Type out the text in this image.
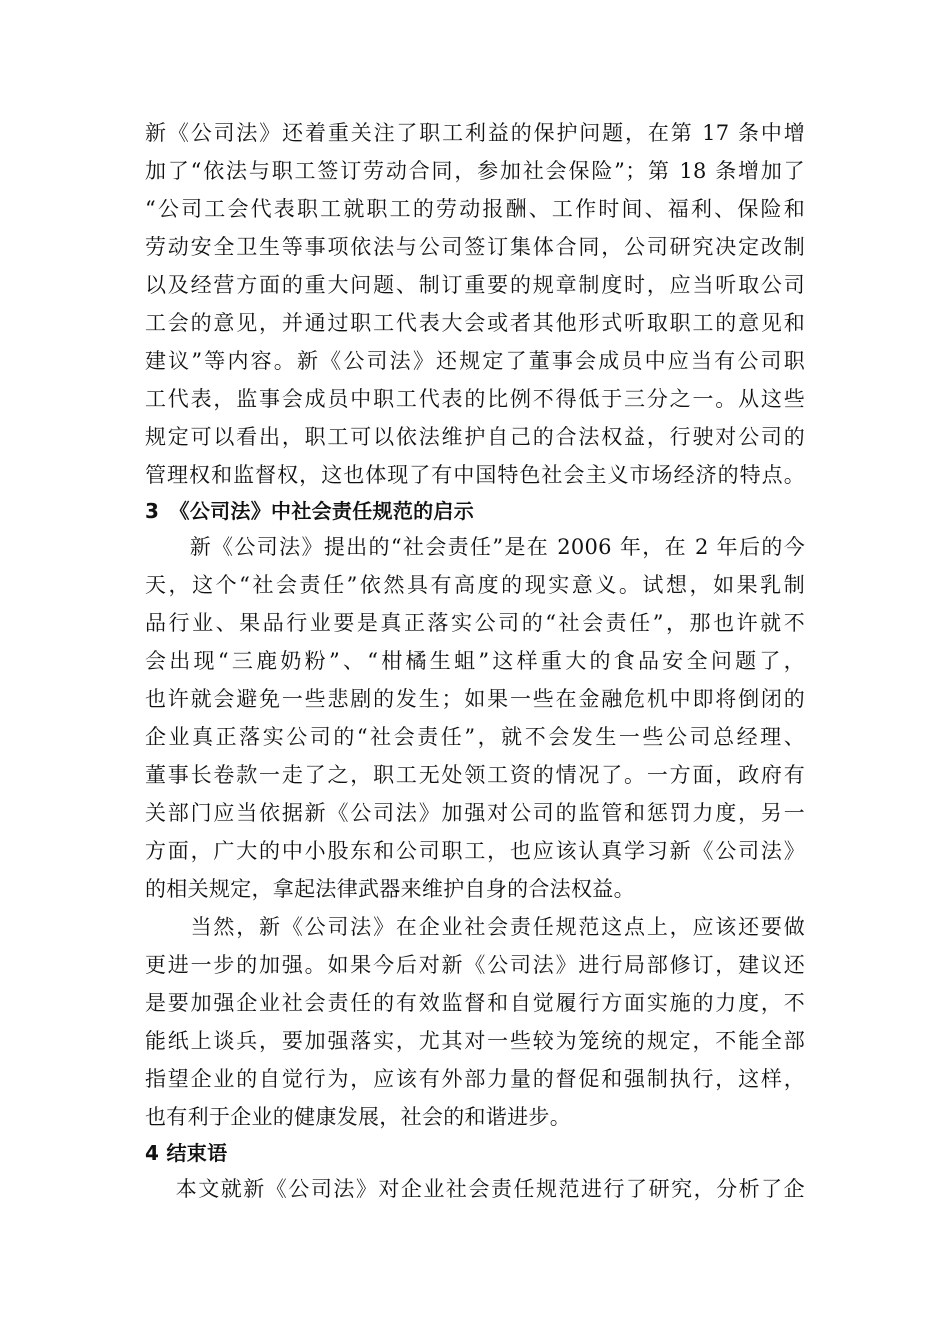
新《公司法》还着重关注了职工利益的保护问题，在第 17 条中增
加了“依法与职工签订劳动合同，参加社会保险”；第 18 条增加了
“公司工会代表职工就职工的劳动报酬、工作时间、福利、保险和
劳动安全卫生等事项依法与公司签订集体合同，公司研究决定改制
以及经营方面的重大问题、制订重要的规章制度时，应当听取公司
工会的意见，并通过职工代表大会或者其他形式听取职工的意见和
建议”等内容。新《公司法》还规定了董事会成员中应当有公司职
工代表，监事会成员中职工代表的比例不得低于三分之一。从这些
规定可以看出，职工可以依法维护自己的合法权益，行驶对公司的
管理权和监督权，这也体现了有中国特色社会主义市场经济的特点。
3　《公司法》中社会责任规范的启示
　　新《公司法》提出的“社会责任”是在 2006 年，在 2 年后的今
天，这个“社会责任”依然具有高度的现实意义。试想，如果乳制
品行业、果品行业要是真正落实公司的“社会责任”，那也许就不
会出现“三鹿奶粉”、“柑橘生蛆”这样重大的食品安全问题了，
也许就会避免一些悲剧的发生；如果一些在金融危机中即将倒闭的
企业真正落实公司的“社会责任”，就不会发生一些公司总经理、
董事长卷款一走了之，职工无处领工资的情况了。一方面，政府有
关部门应当依据新《公司法》加强对公司的监管和惩罚力度，另一
方面，广大的中小股东和公司职工，也应该认真学习新《公司法》
的相关规定，拿起法律武器来维护自身的合法权益。
　　当然，新《公司法》在企业社会责任规范这点上，应该还要做
更进一步的加强。如果今后对新《公司法》进行局部修订，建议还
是要加强企业社会责任的有效监督和自觉履行方面实施的力度，不
能纸上谈兵，要加强落实，尤其对一些较为笼统的规定，不能全部
指望企业的自觉行为，应该有外部力量的督促和强制执行，这样，
也有利于企业的健康发展，社会的和谐进步。
4 结束语
　 本文就新《公司法》对企业社会责任规范进行了研究，分析了企
